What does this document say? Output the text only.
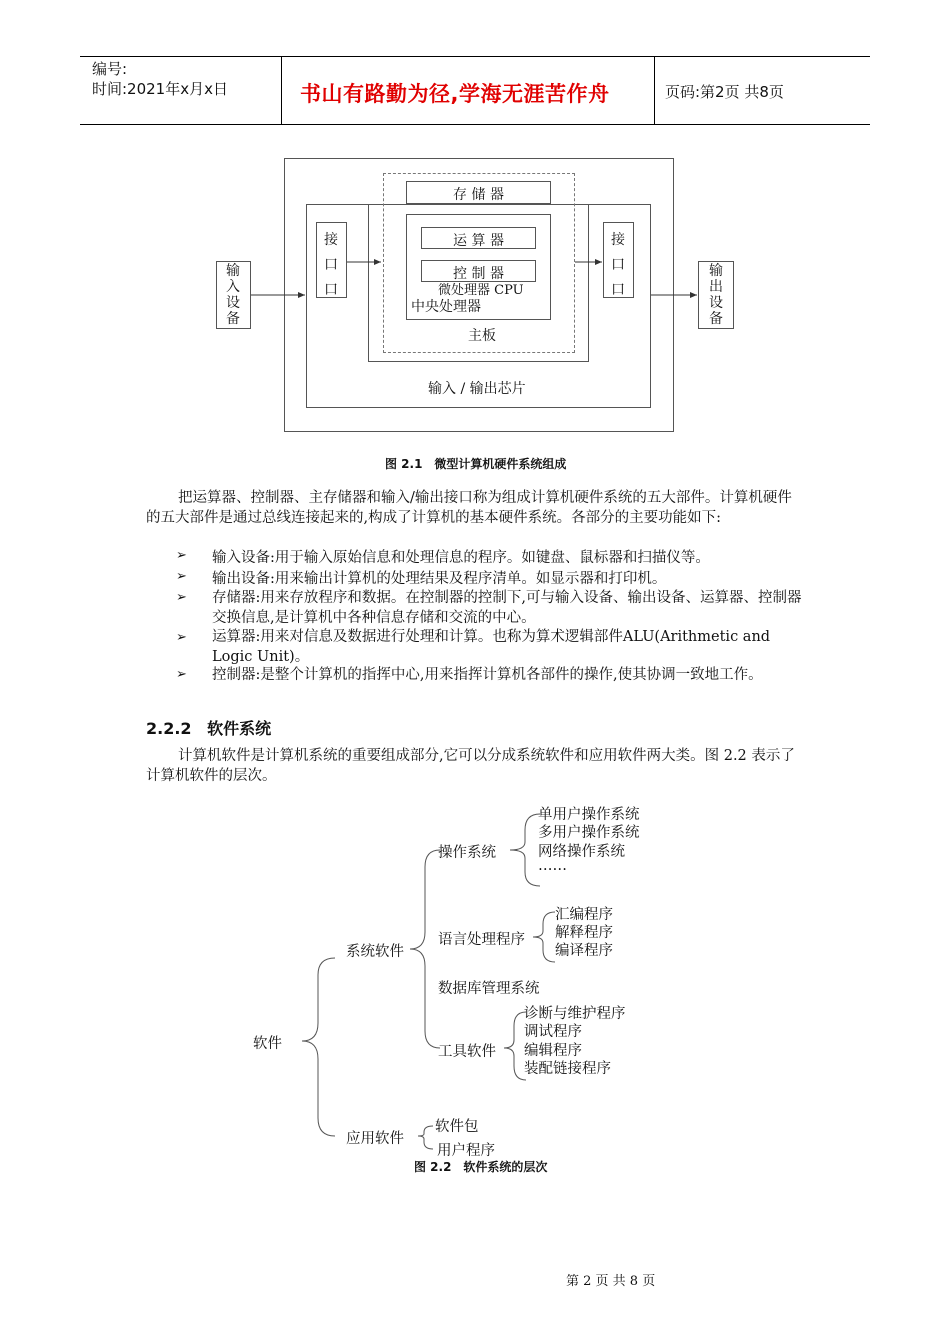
编号:
时间:2021年x月x日	书山有路勤为径,学海无涯苦作舟	页码:第2页 共8页
存 储 器
运 算 器
控 制 器
微处理器 CPU
中央处理器
主板
输入 / 输出芯片
接口口
接口口
输入设备
输出设备
图 2.1　微型计算机硬件系统组成
把运算器、控制器、主存储器和输入/输出接口称为组成计算机硬件系统的五大部件。计算机硬件的五大部件是通过总线连接起来的,构成了计算机的基本硬件系统。各部分的主要功能如下:
➢ 输入设备:用于输入原始信息和处理信息的程序。如键盘、鼠标器和扫描仪等。
➢ 输出设备:用来输出计算机的处理结果及程序清单。如显示器和打印机。
➢ 存储器:用来存放程序和数据。在控制器的控制下,可与输入设备、输出设备、运算器、控制器交换信息,是计算机中各种信息存储和交流的中心。
➢ 运算器:用来对信息及数据进行处理和计算。也称为算术逻辑部件ALU(Arithmetic and Logic Unit)。
➢ 控制器:是整个计算机的指挥中心,用来指挥计算机各部件的操作,使其协调一致地工作。
2.2.2 软件系统
计算机软件是计算机系统的重要组成部分,它可以分成系统软件和应用软件两大类。图 2.2 表示了计算机软件的层次。
软件
系统软件
应用软件
操作系统
单用户操作系统
多用户操作系统
网络操作系统
……
语言处理程序
汇编程序
解释程序
编译程序
数据库管理系统
工具软件
诊断与维护程序
调试程序
编辑程序
装配链接程序
软件包
用户程序
图 2.2　软件系统的层次
第 2 页 共 8 页
